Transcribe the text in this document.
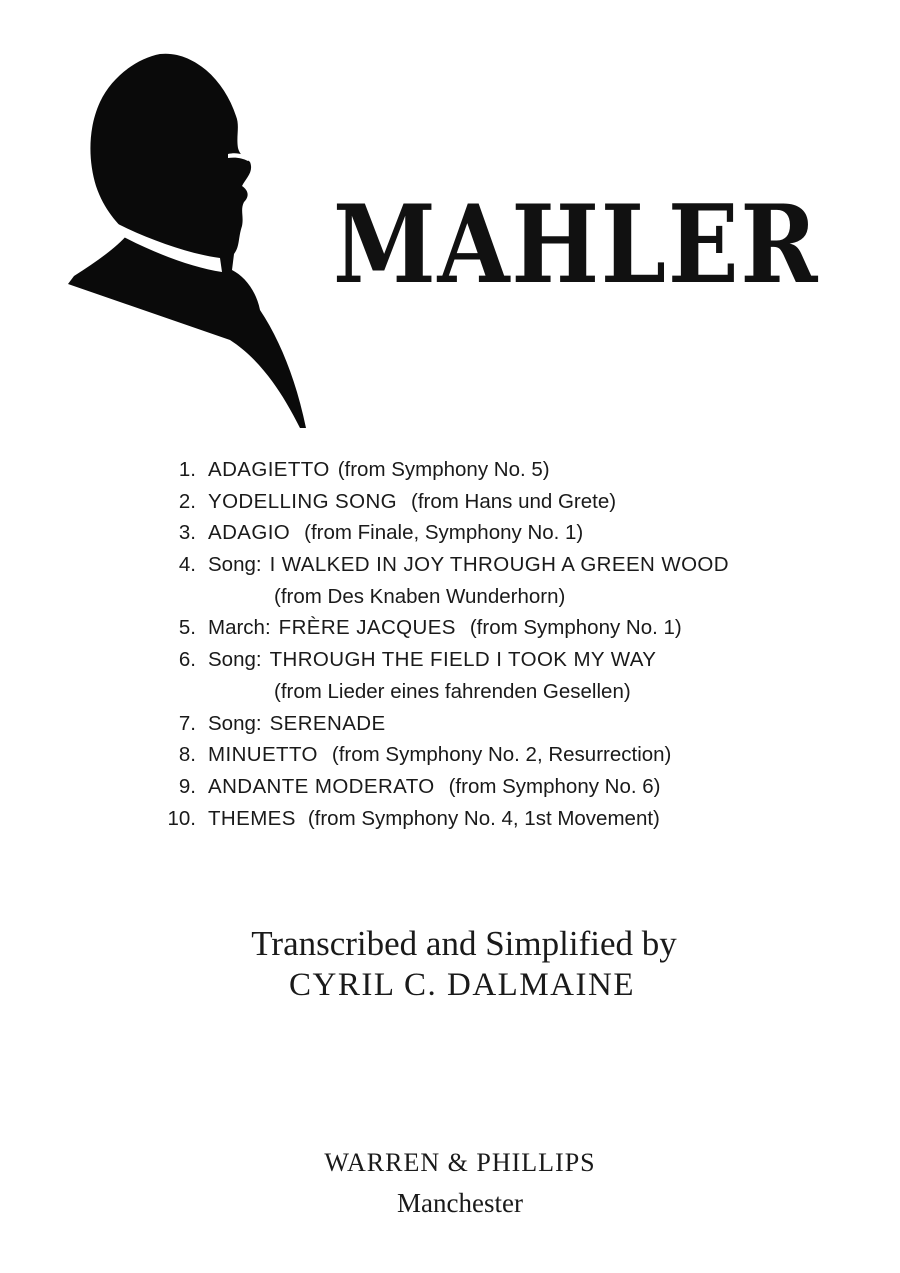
MAHLER
1. ADAGIETTO (from Symphony No. 5)
2. YODELLING SONG (from Hans und Grete)
3. ADAGIO (from Finale, Symphony No. 1)
4. Song: I WALKED IN JOY THROUGH A GREEN WOOD
(from Des Knaben Wunderhorn)
5. March: FRÈRE JACQUES (from Symphony No. 1)
6. Song: THROUGH THE FIELD I TOOK MY WAY
(from Lieder eines fahrenden Gesellen)
7. Song: SERENADE
8. MINUETTO (from Symphony No. 2, Resurrection)
9. ANDANTE MODERATO (from Symphony No. 6)
10. THEMES (from Symphony No. 4, 1st Movement)
Transcribed and Simplified by
CYRIL C. DALMAINE
WARREN & PHILLIPS
Manchester
